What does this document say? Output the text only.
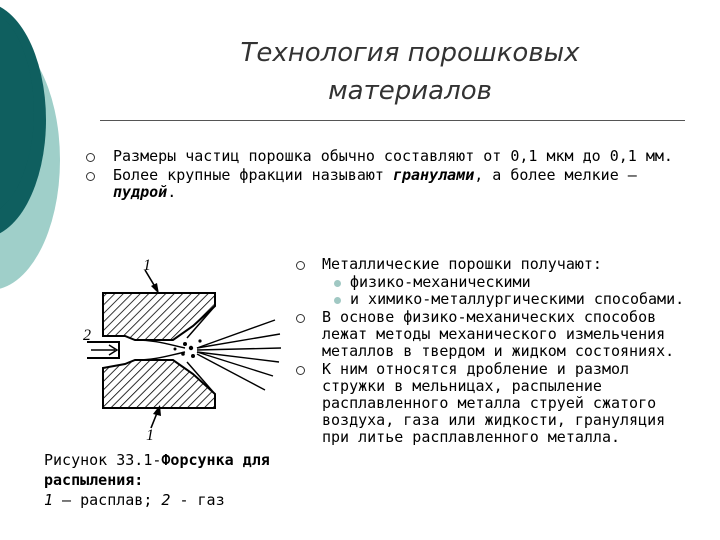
Технология порошковых
материалов
Размеры частиц порошка обычно составляют от 0,1 мкм до 0,1 мм.
Более крупные фракции называют гранулами, а более мелкие – пудрой.
1
2
1
Рисунок 33.1-Форсунка для распыления:
1 – расплав; 2 - газ
Металлические порошки получают:
физико-механическими
и химико-металлургическими способами.
В основе физико-механических способов лежат методы механического измельчения металлов в твердом и жидком состояниях.
К ним относятся дробление и размол стружки в мельницах, распыление расплавленного металла струей сжатого воздуха, газа или жидкости, грануляция при литье расплавленного металла.
